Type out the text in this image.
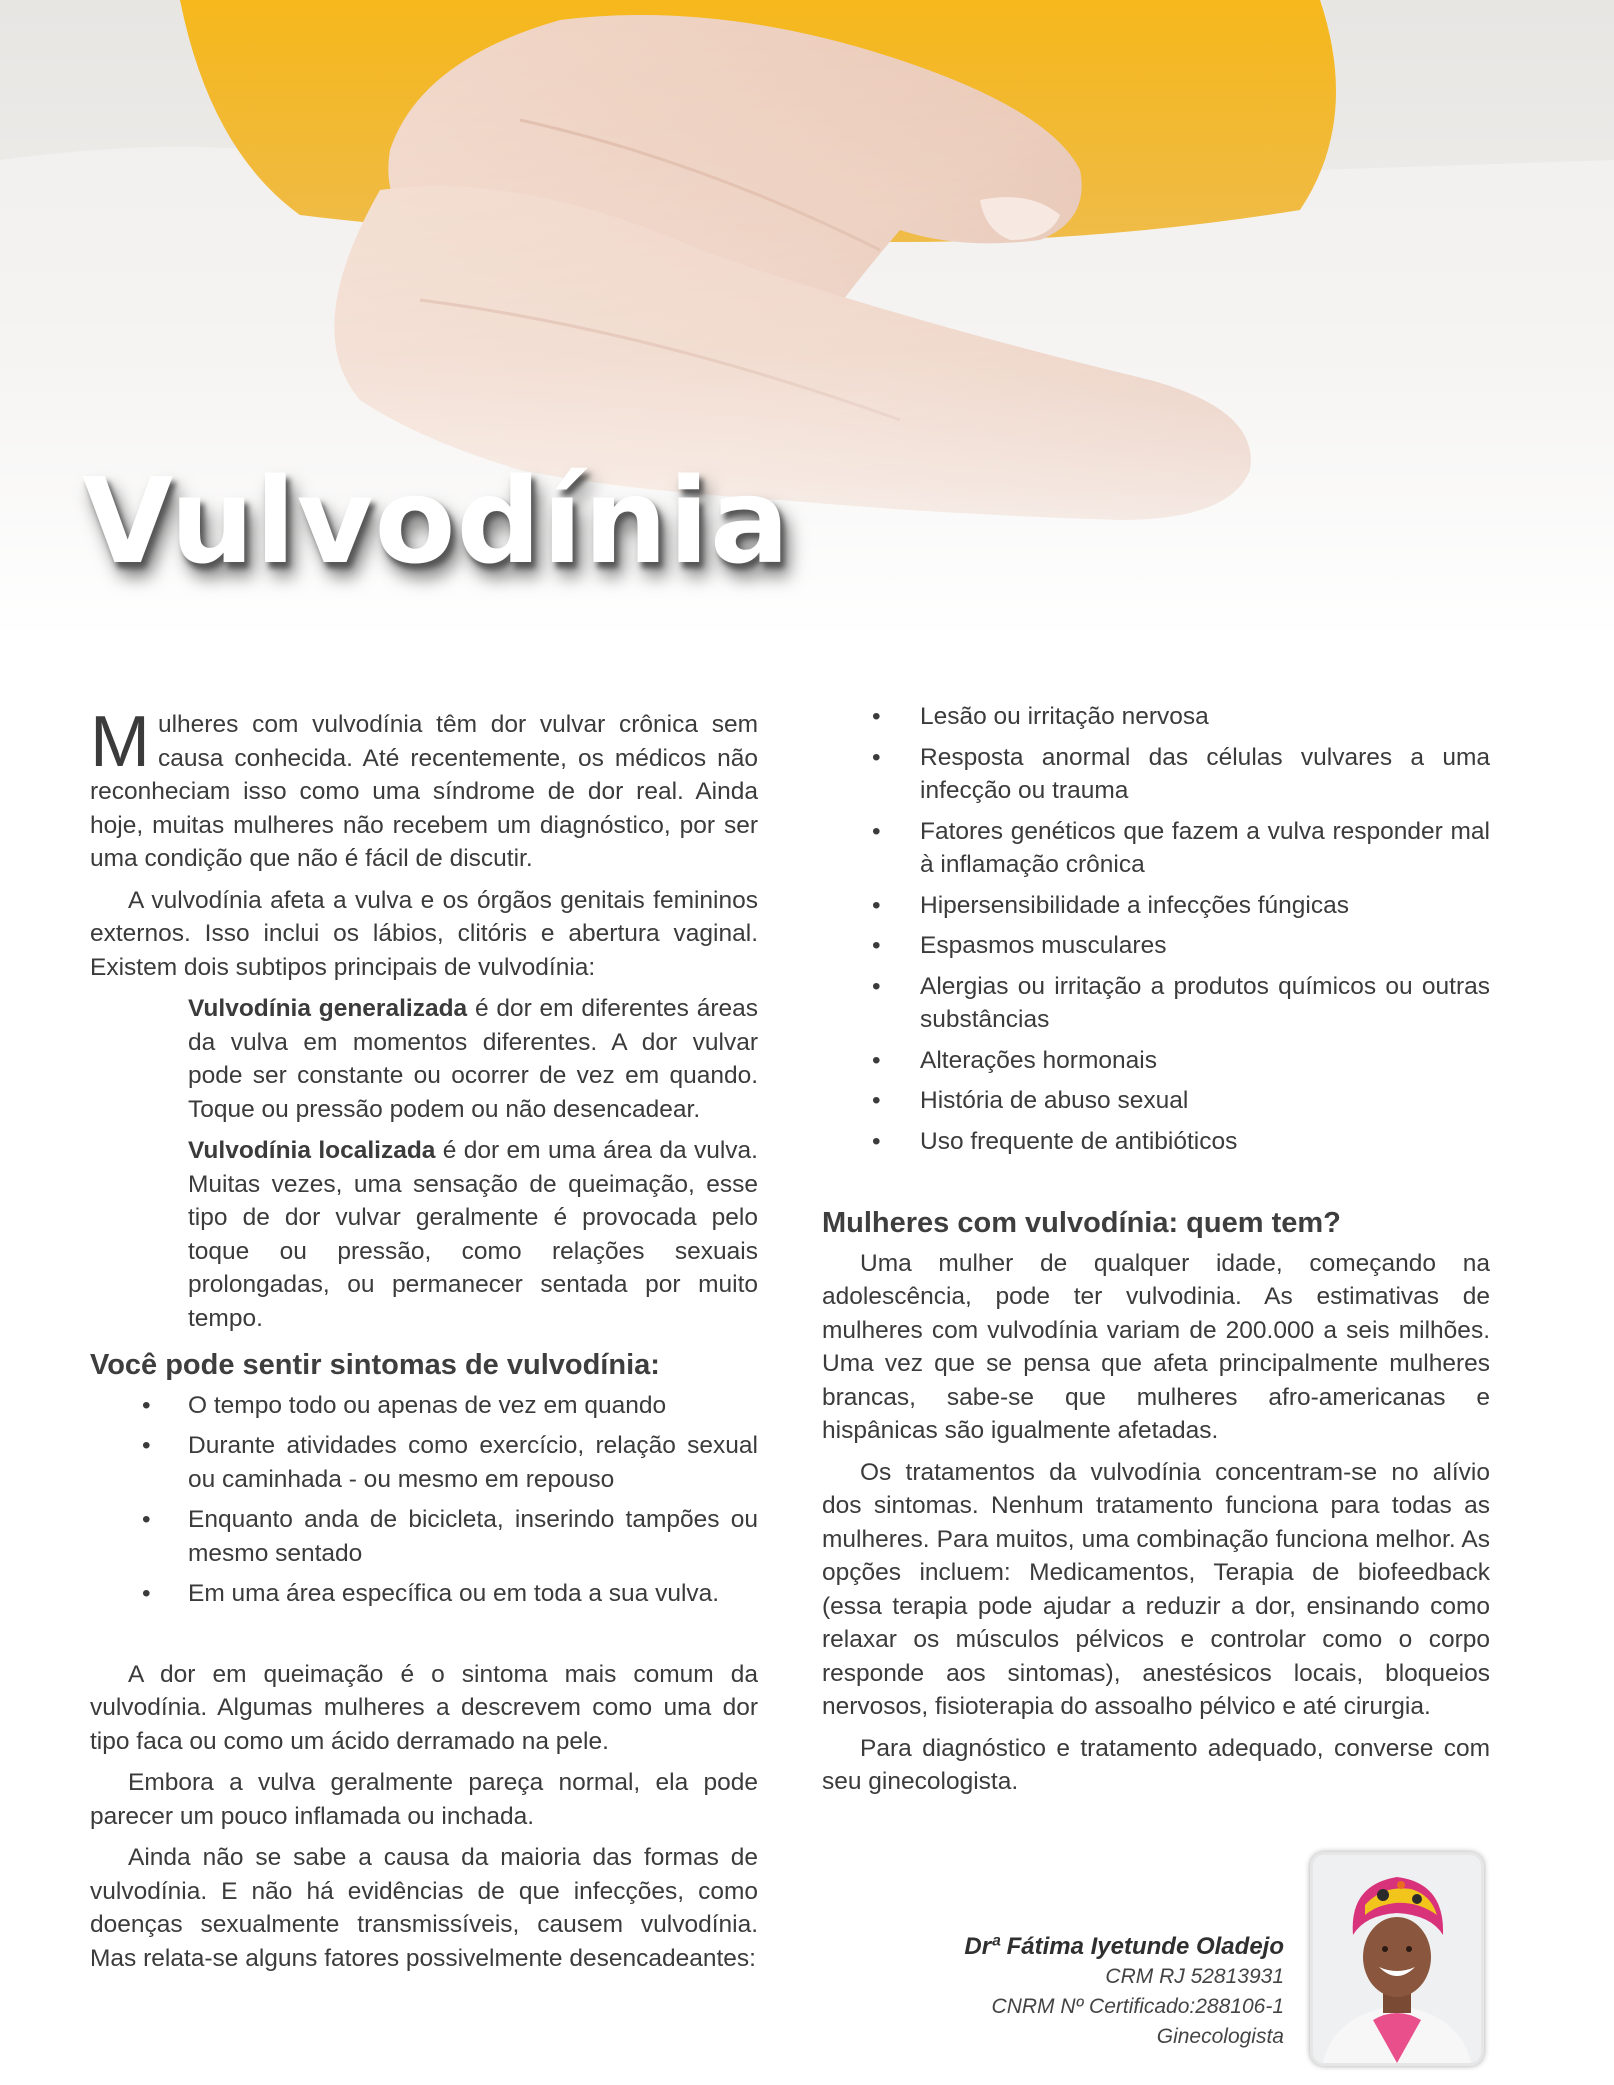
Vulvodínia

Mulheres com vulvodínia têm dor vulvar crônica sem causa conhecida. Até recentemente, os médicos não reconheciam isso como uma síndrome de dor real. Ainda hoje, muitas mulheres não recebem um diagnóstico, por ser uma condição que não é fácil de discutir.

A vulvodínia afeta a vulva e os órgãos genitais femininos externos. Isso inclui os lábios, clitóris e abertura vaginal. Existem dois subtipos principais de vulvodínia:

Vulvodínia generalizada é dor em diferentes áreas da vulva em momentos diferentes. A dor vulvar pode ser constante ou ocorrer de vez em quando. Toque ou pressão podem ou não desencadear.

Vulvodínia localizada é dor em uma área da vulva. Muitas vezes, uma sensação de queimação, esse tipo de dor vulvar geralmente é provocada pelo toque ou pressão, como relações sexuais prolongadas, ou permanecer sentada por muito tempo.

Você pode sentir sintomas de vulvodínia:
• O tempo todo ou apenas de vez em quando
• Durante atividades como exercício, relação sexual ou caminhada - ou mesmo em repouso
• Enquanto anda de bicicleta, inserindo tampões ou mesmo sentado
• Em uma área específica ou em toda a sua vulva.

A dor em queimação é o sintoma mais comum da vulvodínia. Algumas mulheres a descrevem como uma dor tipo faca ou como um ácido derramado na pele.

Embora a vulva geralmente pareça normal, ela pode parecer um pouco inflamada ou inchada.

Ainda não se sabe a causa da maioria das formas de vulvodínia. E não há evidências de que infecções, como doenças sexualmente transmissíveis, causem vulvodínia. Mas relata-se alguns fatores possivelmente desencadeantes:

• Lesão ou irritação nervosa
• Resposta anormal das células vulvares a uma infecção ou trauma
• Fatores genéticos que fazem a vulva responder mal à inflamação crônica
• Hipersensibilidade a infecções fúngicas
• Espasmos musculares
• Alergias ou irritação a produtos químicos ou outras substâncias
• Alterações hormonais
• História de abuso sexual
• Uso frequente de antibióticos
Mulheres com vulvodínia: quem tem?

Uma mulher de qualquer idade, começando na adolescência, pode ter vulvodinia. As estimativas de mulheres com vulvodínia variam de 200.000 a seis milhões. Uma vez que se pensa que afeta principalmente mulheres brancas, sabe-se que mulheres afro-americanas e hispânicas são igualmente afetadas.

Os tratamentos da vulvodínia concentram-se no alívio dos sintomas. Nenhum tratamento funciona para todas as mulheres. Para muitos, uma combinação funciona melhor. As opções incluem: Medicamentos, Terapia de biofeedback (essa terapia pode ajudar a reduzir a dor, ensinando como relaxar os músculos pélvicos e controlar como o corpo responde aos sintomas), anestésicos locais, bloqueios nervosos, fisioterapia do assoalho pélvico e até cirurgia.

Para diagnóstico e tratamento adequado, converse com seu ginecologista.

Drª Fátima Iyetunde Oladejo
CRM RJ 52813931
CNRM Nº Certificado:288106-1
Ginecologista
